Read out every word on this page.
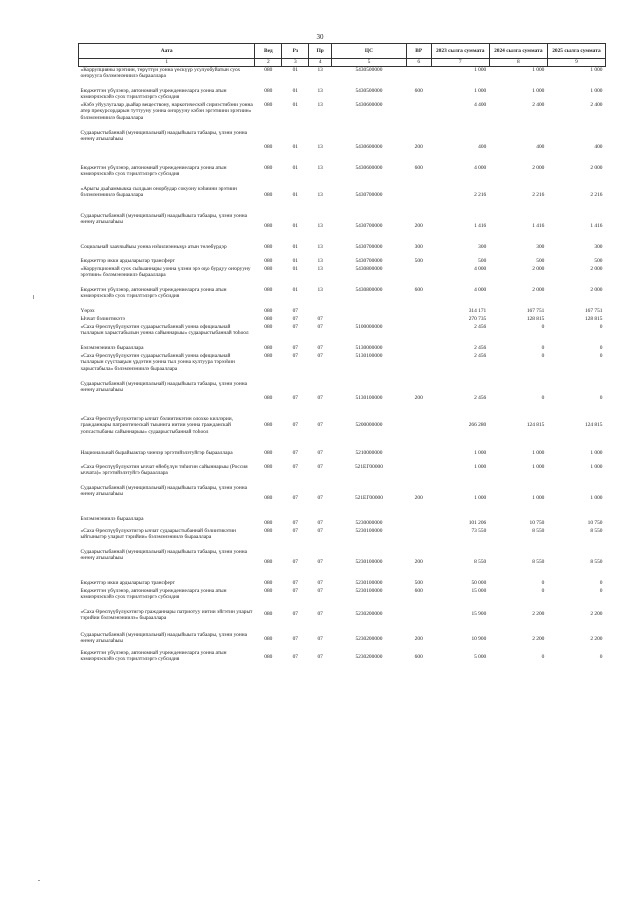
30
Аата	Вед	Рз	Пр	ЦС	ВР	2023 сылга суммата	2024 сылга суммата	2025 сылга суммата
1	2	3	4	5	6	7	8	9
«Коррупцияны эрэтиин, төрүттүн уонна үөскүүр усулуобуйатын суох оҥорууга бэлэмэнэниилэ бырааллара	080	01	13	5430500000		1 000	1 000	1 000
Бюджеттэн үбүлэнэр, автономнай учреждениеларга уонна атын кэмиэрчэскэйэ суох тэрилтэлэргэ субсидия	080	01	13	5430500000	600	1 000	1 000	1 000
«Кэбэ уйуулугалар дьайар веществону, наркотическэй сириэстибэни уонна атер прекурсордарын туттууну уонна оҥорууну кэбэн эргэтиини эрэтиин» бэлэмэнэниилэ бырааллара	080	01	13	5430600000		4 400	2 400	2 400
Судаарыстыбаннай (муниципальнай) наадыйыыга табаары, үлэни уонна өҥөнү атыылаһыы	080	01	13	5430600000	200	400	400	400
Бюджеттэн үбүлэнэр, автономнай учреждениеларга уонна атын кэмиэрчэскэйэ суох тэрилтэлэргэ субсидия	080	01	13	5430600000	600	4 000	2 000	2 000
«Арыгы дьаһаммыкка сылдьан онорбудар сокуону кэһиини эрэтиин бэлэмэнэниилэ бырааллара	080	01	13	5430700000		2 216	2 216	2 216
Судаарыстыбаннай (муниципальнай) наадыйыыга табаары, үлэни уонна өҥөнү атыылаһыы	080	01	13	5430700000	200	1 416	1 416	1 416
Социальнай хааччыйыы уонна нэһилиэнньэҕэ атын төлөбүрдэр	080	01	13	5430700000	300	300	300	300
Бюджеттэр икки ардыларыгар трансферт	080	01	13	5430700000	500	500	500	500
«Коррупционнай суох сыһыаннары уонна үлэни эрэ оҕо бурдуу оҥорууну эрэтиин» бэлэмэнэниилэ бырааллара	080	01	13	5430800000		4 000	2 000	2 000
Бюджеттэн үбүлэнэр, автономнай учреждениеларга уонна атын кэмиэрчэскэйэ суох тэрилтэлэргэ субсидия	080	01	13	5430800000	600	4 000	2 000	2 000
Үөрэх	080	07				314 171	167 751	167 751
Ыччат бэлиитикэтэ	080	07	07			270 735	128 815	128 815
«Саха Өрөспүүбүлүкэтин судаарыстыбаннай уонна официальнай тылларын харыстабылын уонна сайыннарыы» судаарыстыбаннай тоһоол	080	07	07	5100000000		2 456	0	0
Бэлэмэнэниилэ бырааллара	080	07	07	5130000000		2 456	0	0
«Саха Өрөспүүбүлүкэтин судаарыстыбаннай уонна официальнай тылларын сүүстааҕын үрдэтин уонна тыл уонна култуура тэрээһин харыстабыла» бэлэмэнэниилэ бырааллара	080	07	07	5130100000		2 456	0	0
Судаарыстыбаннай (муниципальнай) наадыйыыга табаары, үлэни уонна өҥөнү атыылаһыы	080	07	07	5130100000	200	2 456	0	0
«Саха Өрөспүүбүлүкэтигэр ыччат бэлиитикэтин олохко киллэрии, гражданнары патриотическай тыыннга иитии уонна гражданскай уопсастыбаны сайыннарыы» судаарыстыбаннай тоһоол	080	07	07	5200000000		266 280	124 815	124 815
Национальнай бырайыактар чинчэр эргэтийэлэтуйгэр бырааллара	080	07	07	5210000000		1 000	1 000	1 000
«Саха Өрөспүүбүлүкэтин ыччат өйөбүлүн тиһигин сайыннарыы (Россия ыччата)» эргэтийэлэтуйгэ бырааллара	080	07	07	521ЕГ00000		1 000	1 000	1 000
Судаарыстыбаннай (муниципальнай) наадыйыыга табаары, үлэни уонна өҥөнү атыылаһыы	080	07	07	521ЕГ00000	200	1 000	1 000	1 000
Бэлэмэнэниилэ бырааллара	080	07	07	5230000000		101 206	10 750	10 750
«Саха Өрөспүүбүлүкэтигэр ыччат судаарыстыбаннай бэлиитикэтин ыйгыныгэр уларыт тэрийии» бэлэмэнэниилэ бырааллара	080	07	07	5230100000		73 550	8 550	8 550
Судаарыстыбаннай (муниципальнай) наадыйыыга табаары, үлэни уонна өҥөнү атыылаһыы	080	07	07	5230100000	200	8 550	8 550	8 550
Бюджеттэр икки ардыларыгар трансферт	080	07	07	5230100000	500	50 000	0	0
Бюджеттэн үбүлэнэр, автономнай учреждениеларга уонна атын кэмиэрчэскэйэ суох тэрилтэлэргэ субсидия	080	07	07	5230100000	600	15 000	0	0
«Саха Өрөспүүбүлүкэтигэр гражданнары патриотуу иитии эйгэтин уларыт тэрийии бэлэмэнэниилэ» бырааллара	080	07	07	5230200000		15 900	2 200	2 200
Судаарыстыбаннай (муниципальнай) наадыйыыга табаары, үлэни уонна өҥөнү атыылаһыы	080	07	07	5230200000	200	10 900	2 200	2 200
Бюджеттэн үбүлэнэр, автономнай учреждениеларга уонна атын кэмиэрчэскэйэ суох тэрилтэлэргэ субсидия	080	07	07	5230200000	600	5 000	0	0
